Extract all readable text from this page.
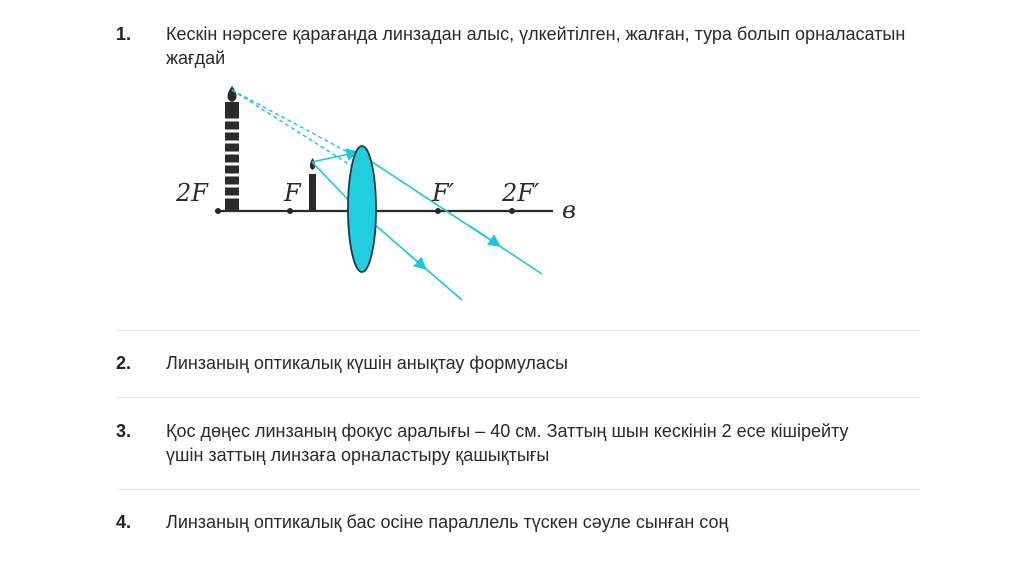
1. Кескін нәрсеге қарағанда линзадан алыс, үлкейтілген, жалған, тура болып орналасатын жағдай
2F	F	F′ 2F′
в
2. Линзаның оптикалық күшін анықтау формуласы
3. Қос дөңес линзаның фокус аралығы – 40 см. Заттың шын кескінін 2 есе кішірейту үшін заттың линзаға орналастыру қашықтығы
4. Линзаның оптикалық бас осіне параллель түскен сәуле сынған соң
